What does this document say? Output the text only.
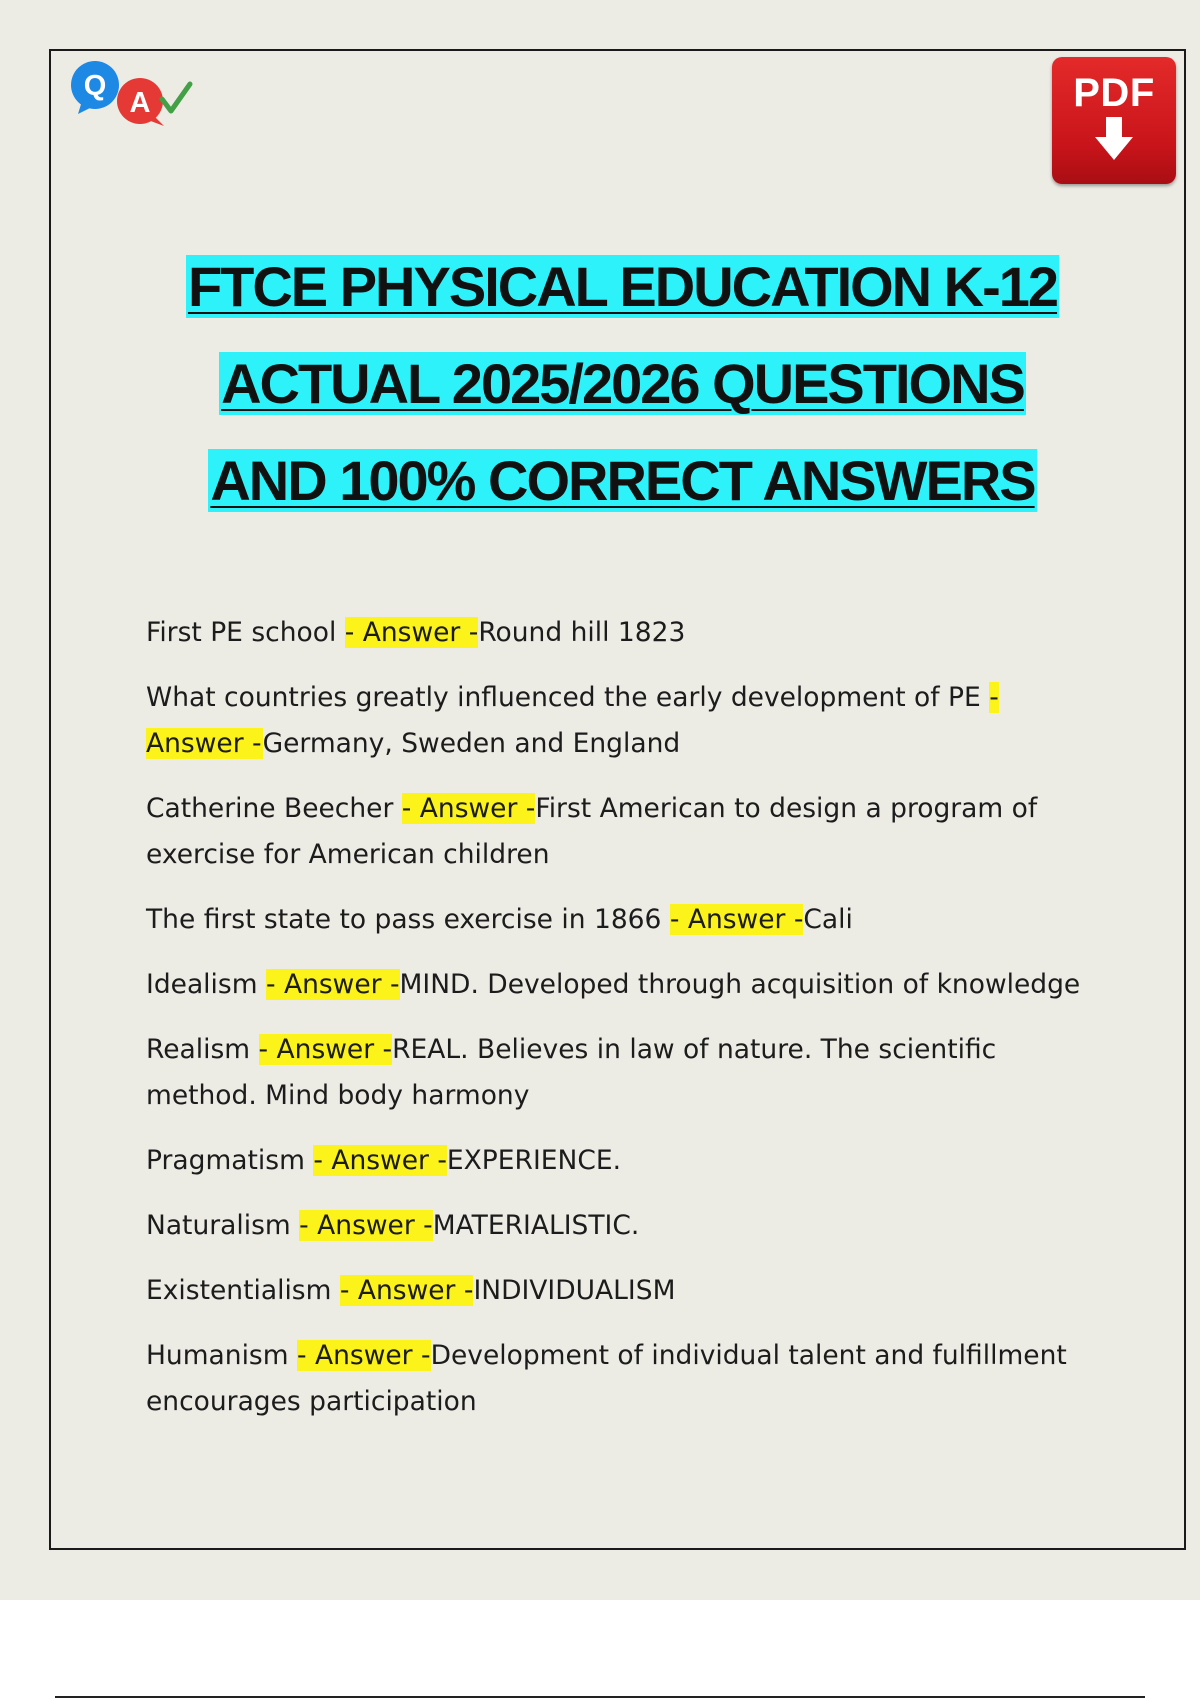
Q
A	PDF
FTCE PHYSICAL EDUCATION K-12
ACTUAL 2025/2026 QUESTIONS
AND 100% CORRECT ANSWERS
First PE school - Answer -Round hill 1823
What countries greatly influenced the early development of PE - Answer -Germany, Sweden and England
Catherine Beecher - Answer -First American to design a program of exercise for American children
The first state to pass exercise in 1866 - Answer -Cali
Idealism - Answer -MIND. Developed through acquisition of knowledge
Realism - Answer -REAL. Believes in law of nature. The scientific method. Mind body harmony
Pragmatism - Answer -EXPERIENCE.
Naturalism - Answer -MATERIALISTIC.
Existentialism - Answer -INDIVIDUALISM
Humanism - Answer -Development of individual talent and fulfillment encourages participation
